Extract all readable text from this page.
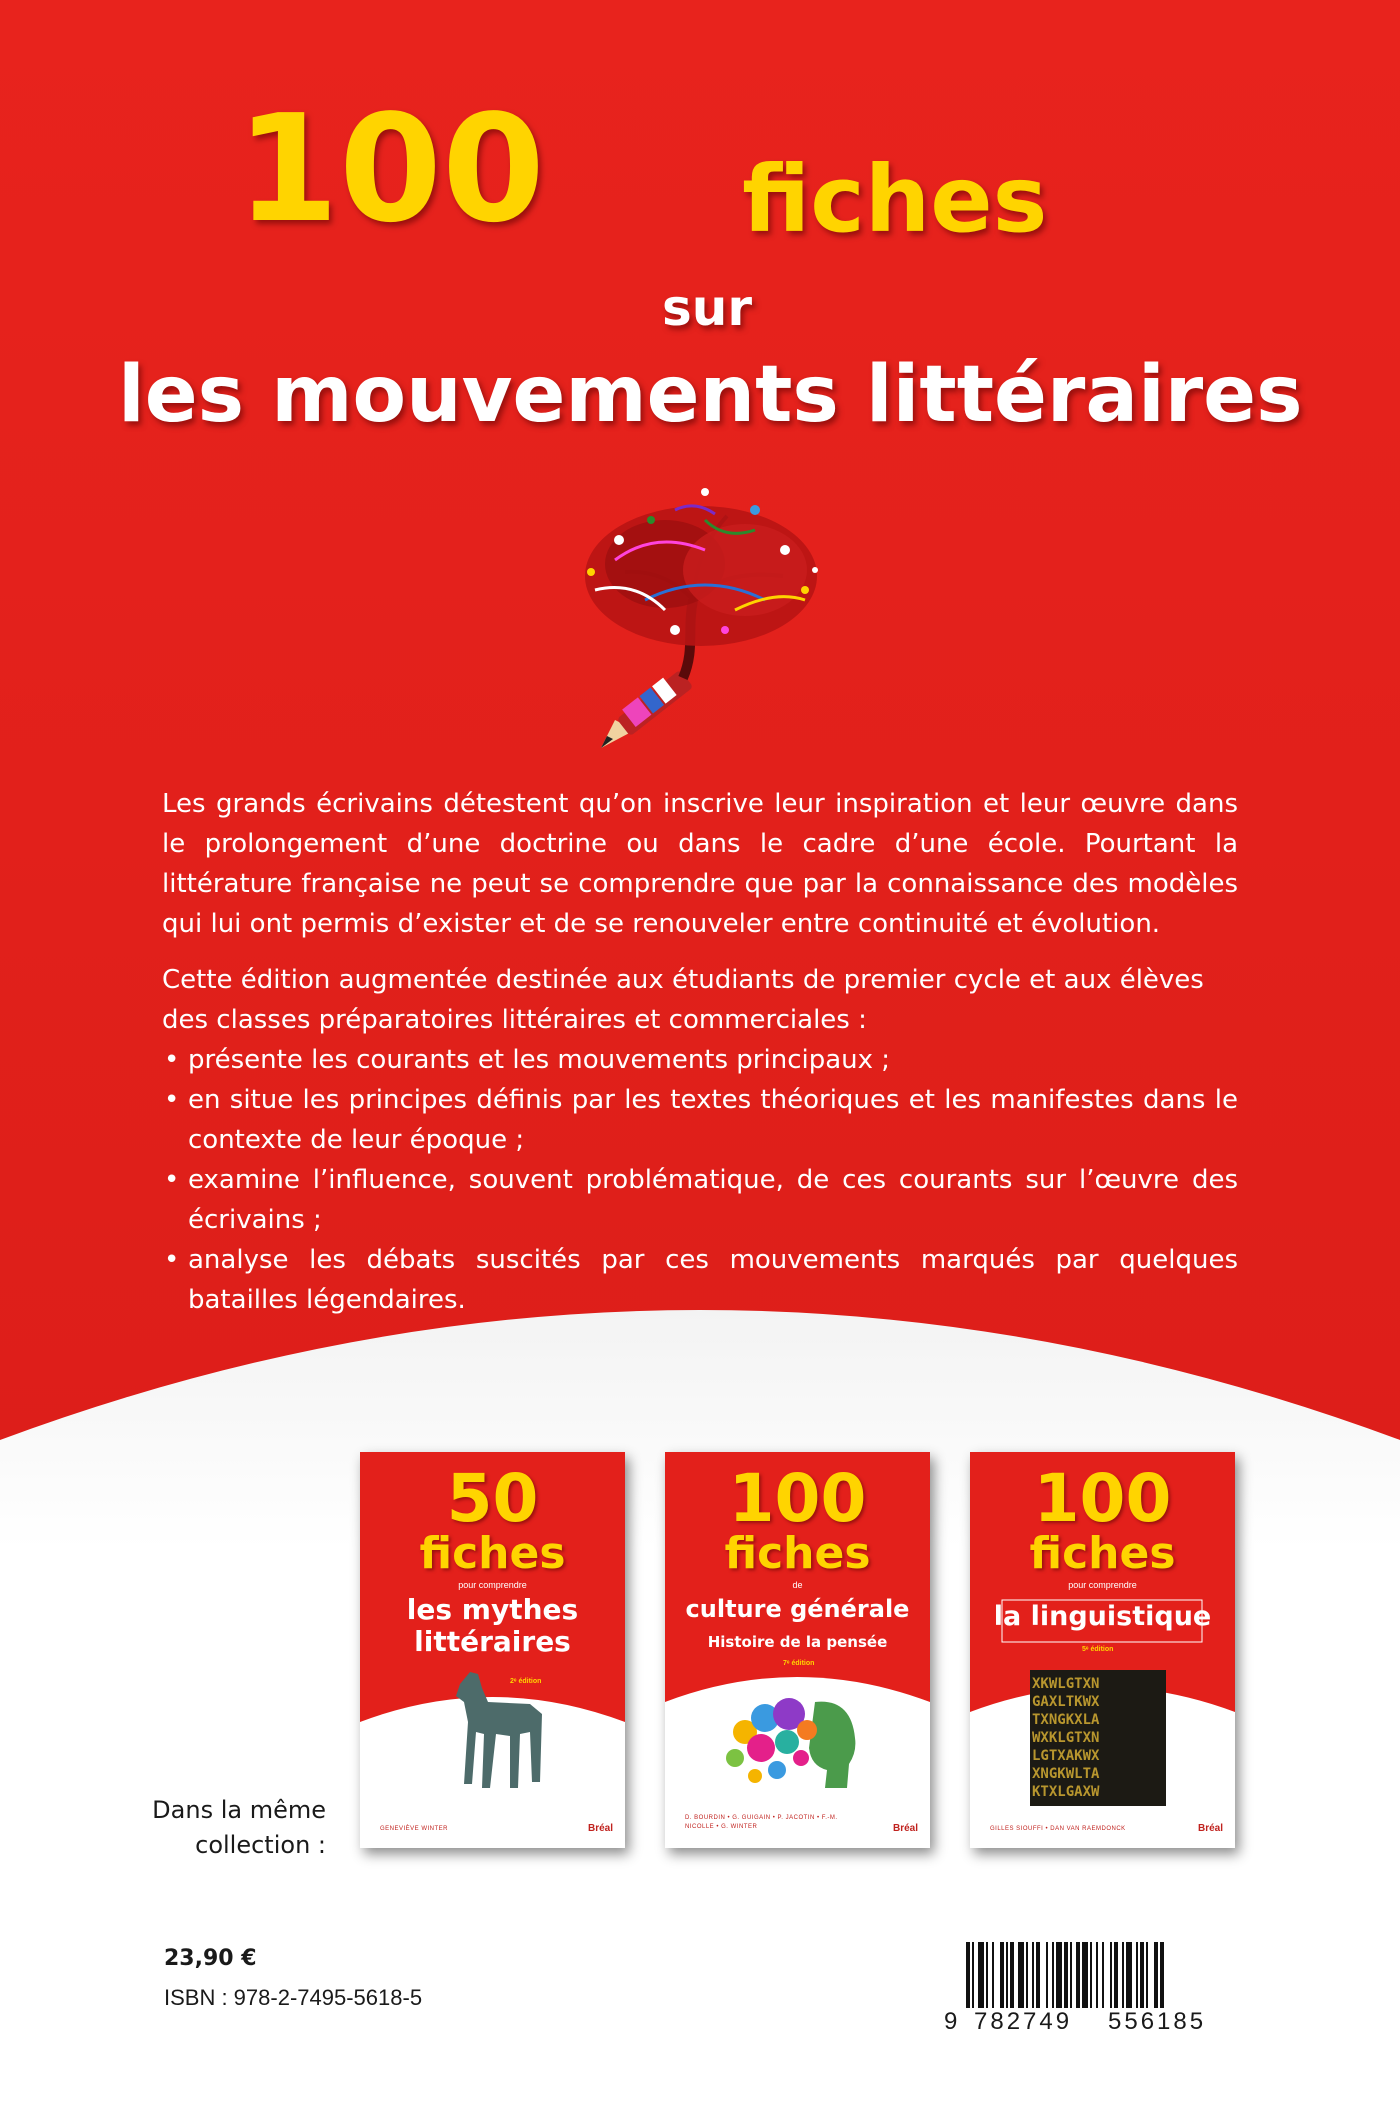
100 fiches
sur
les mouvements littéraires

Les grands écrivains détestent qu’on inscrive leur inspiration et leur œuvre dans le prolongement d’une doctrine ou dans le cadre d’une école. Pourtant la littérature française ne peut se comprendre que par la connaissance des modèles qui lui ont permis d’exister et de se renouveler entre continuité et évolution.

Cette édition augmentée destinée aux étudiants de premier cycle et aux élèves des classes préparatoires littéraires et commerciales :

• présente les courants et les mouvements principaux ;
• en situe les principes définis par les textes théoriques et les manifestes dans le contexte de leur époque ;
• examine l’influence, souvent problématique, de ces courants sur l’œuvre des écrivains ;
• analyse les débats suscités par ces mouvements marqués par quelques batailles légendaires.
Dans la même collection :
50
fiches
pour comprendre
les mythes
littéraires
2ᵉ édition
GENEVIÈVE WINTER	Bréal
100
fiches
de
culture générale
Histoire de la pensée
7ᵉ édition
D. BOURDIN • G. GUIGAIN • P. JACOTIN • F.-M. NICOLLE • G. WINTER	Bréal
XKWLGTXN
GAXLTKWX
TXNGKXLA
WXKLGTXN
LGTXAKWX
XNGKWLTA
KTXLGAXW
100
fiches
pour comprendre
la linguistique
5ᵉ édition
GILLES SIOUFFI • DAN VAN RAEMDONCK	Bréal
23,90 €
ISBN : 978-2-7495-5618-5
9 782749 556185
